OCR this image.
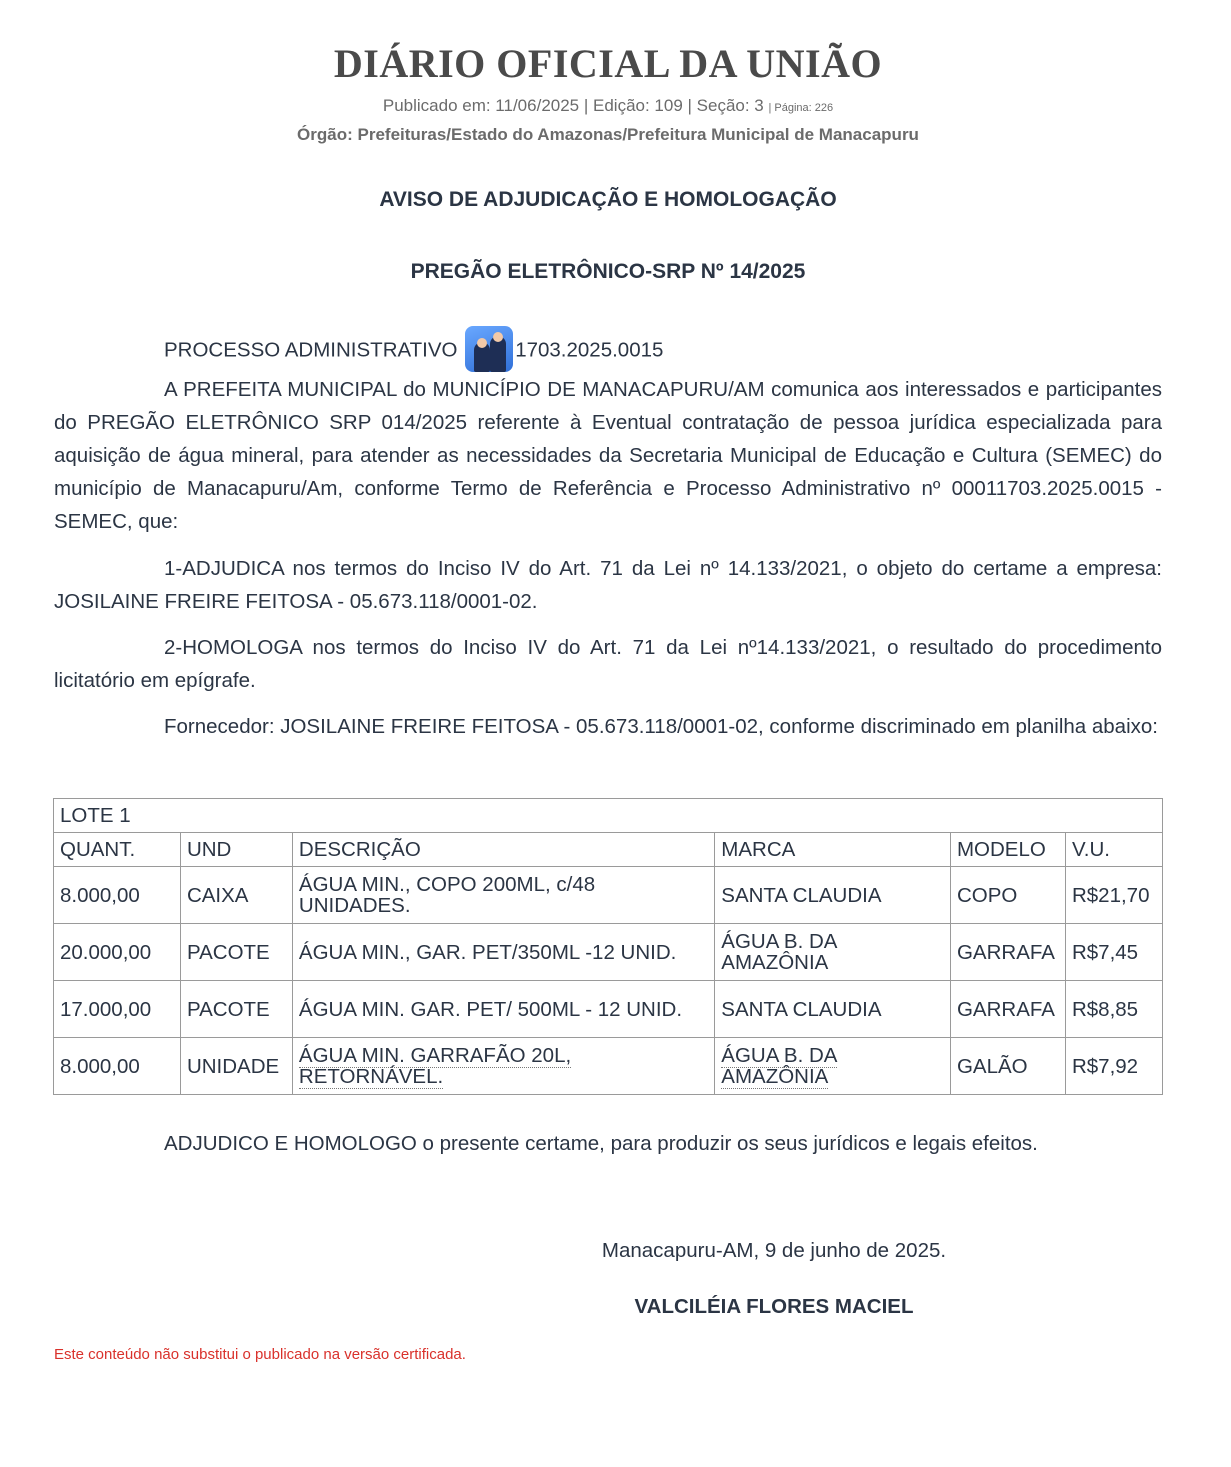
DIÁRIO OFICIAL DA UNIÃO
Publicado em: 11/06/2025 | Edição: 109 | Seção: 3 | Página: 226
Órgão: Prefeituras/Estado do Amazonas/Prefeitura Municipal de Manacapuru
AVISO DE ADJUDICAÇÃO E HOMOLOGAÇÃO
PREGÃO ELETRÔNICO-SRP Nº 14/2025
PROCESSO ADMINISTRATIVO	1703.2025.0015
A PREFEITA MUNICIPAL do MUNICÍPIO DE MANACAPURU/AM comunica aos interessados e participantes do PREGÃO ELETRÔNICO SRP 014/2025 referente à Eventual contratação de pessoa jurídica especializada para aquisição de água mineral, para atender as necessidades da Secretaria Municipal de Educação e Cultura (SEMEC) do município de Manacapuru/Am, conforme Termo de Referência e Processo Administrativo nº 00011703.2025.0015 -SEMEC, que:
1-ADJUDICA nos termos do Inciso IV do Art. 71 da Lei nº 14.133/2021, o objeto do certame a empresa: JOSILAINE FREIRE FEITOSA - 05.673.118/0001-02.
2-HOMOLOGA nos termos do Inciso IV do Art. 71 da Lei nº14.133/2021, o resultado do procedimento licitatório em epígrafe.
Fornecedor: JOSILAINE FREIRE FEITOSA - 05.673.118/0001-02, conforme discriminado em planilha abaixo:
LOTE 1					
QUANT.	UND	DESCRIÇÃO	MARCA	MODELO	V.U.
8.000,00	CAIXA	ÁGUA MIN., COPO 200ML, c/48 UNIDADES.	SANTA CLAUDIA	COPO	R$21,70
20.000,00	PACOTE	ÁGUA MIN., GAR. PET/350ML -12 UNID.	ÁGUA B. DA AMAZÔNIA	GARRAFA	R$7,45
17.000,00	PACOTE	ÁGUA MIN. GAR. PET/ 500ML - 12 UNID.	SANTA CLAUDIA	GARRAFA	R$8,85
8.000,00	UNIDADE	ÁGUA MIN. GARRAFÃO 20L, RETORNÁVEL.	ÁGUA B. DA AMAZÔNIA	GALÃO	R$7,92
ADJUDICO E HOMOLOGO o presente certame, para produzir os seus jurídicos e legais efeitos.
Manacapuru-AM, 9 de junho de 2025.
VALCILÉIA FLORES MACIEL
Este conteúdo não substitui o publicado na versão certificada.
